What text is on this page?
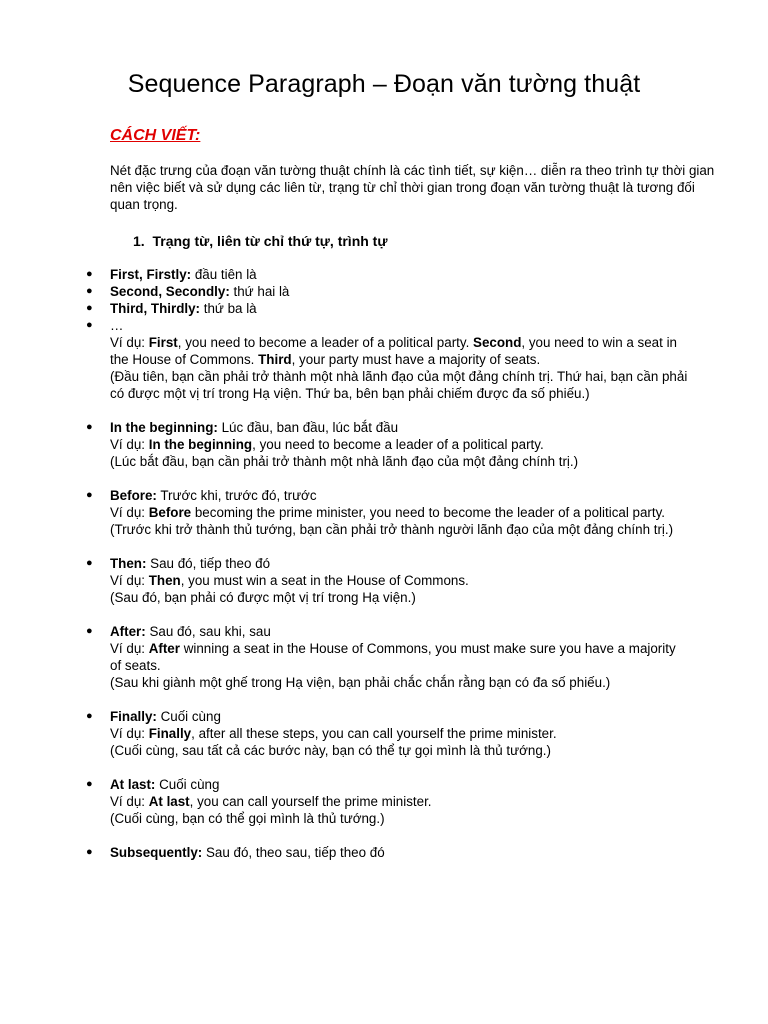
Sequence Paragraph – Đoạn văn tường thuật
CÁCH VIẾT:
Nét đặc trưng của đoạn văn tường thuật chính là các tình tiết, sự kiện… diễn ra theo trình tự thời gian nên việc biết và sử dụng các liên từ, trạng từ chỉ thời gian trong đoạn văn tường thuật là tương đối quan trọng.
1. Trạng từ, liên từ chỉ thứ tự, trình tự
● First, Firstly: đầu tiên là
● Second, Secondly: thứ hai là
● Third, Thirdly: thứ ba là
● …
Ví dụ: First, you need to become a leader of a political party. Second, you need to win a seat in the House of Commons. Third, your party must have a majority of seats.
(Đầu tiên, bạn cần phải trở thành một nhà lãnh đạo của một đảng chính trị. Thứ hai, bạn cần phải có được một vị trí trong Hạ viện. Thứ ba, bên bạn phải chiếm được đa số phiếu.)
● In the beginning: Lúc đầu, ban đầu, lúc bắt đầu
Ví dụ: In the beginning, you need to become a leader of a political party.
(Lúc bắt đầu, bạn cần phải trở thành một nhà lãnh đạo của một đảng chính trị.)
● Before: Trước khi, trước đó, trước
Ví dụ: Before becoming the prime minister, you need to become the leader of a political party.
(Trước khi trở thành thủ tướng, bạn cần phải trở thành người lãnh đạo của một đảng chính trị.)
● Then: Sau đó, tiếp theo đó
Ví dụ: Then, you must win a seat in the House of Commons.
(Sau đó, bạn phải có được một vị trí trong Hạ viện.)
● After: Sau đó, sau khi, sau
Ví dụ: After winning a seat in the House of Commons, you must make sure you have a majority of seats.
(Sau khi giành một ghế trong Hạ viện, bạn phải chắc chắn rằng bạn có đa số phiếu.)
● Finally: Cuối cùng
Ví dụ: Finally, after all these steps, you can call yourself the prime minister.
(Cuối cùng, sau tất cả các bước này, bạn có thể tự gọi mình là thủ tướng.)
● At last: Cuối cùng
Ví dụ: At last, you can call yourself the prime minister.
(Cuối cùng, bạn có thể gọi mình là thủ tướng.)
● Subsequently: Sau đó, theo sau, tiếp theo đó
